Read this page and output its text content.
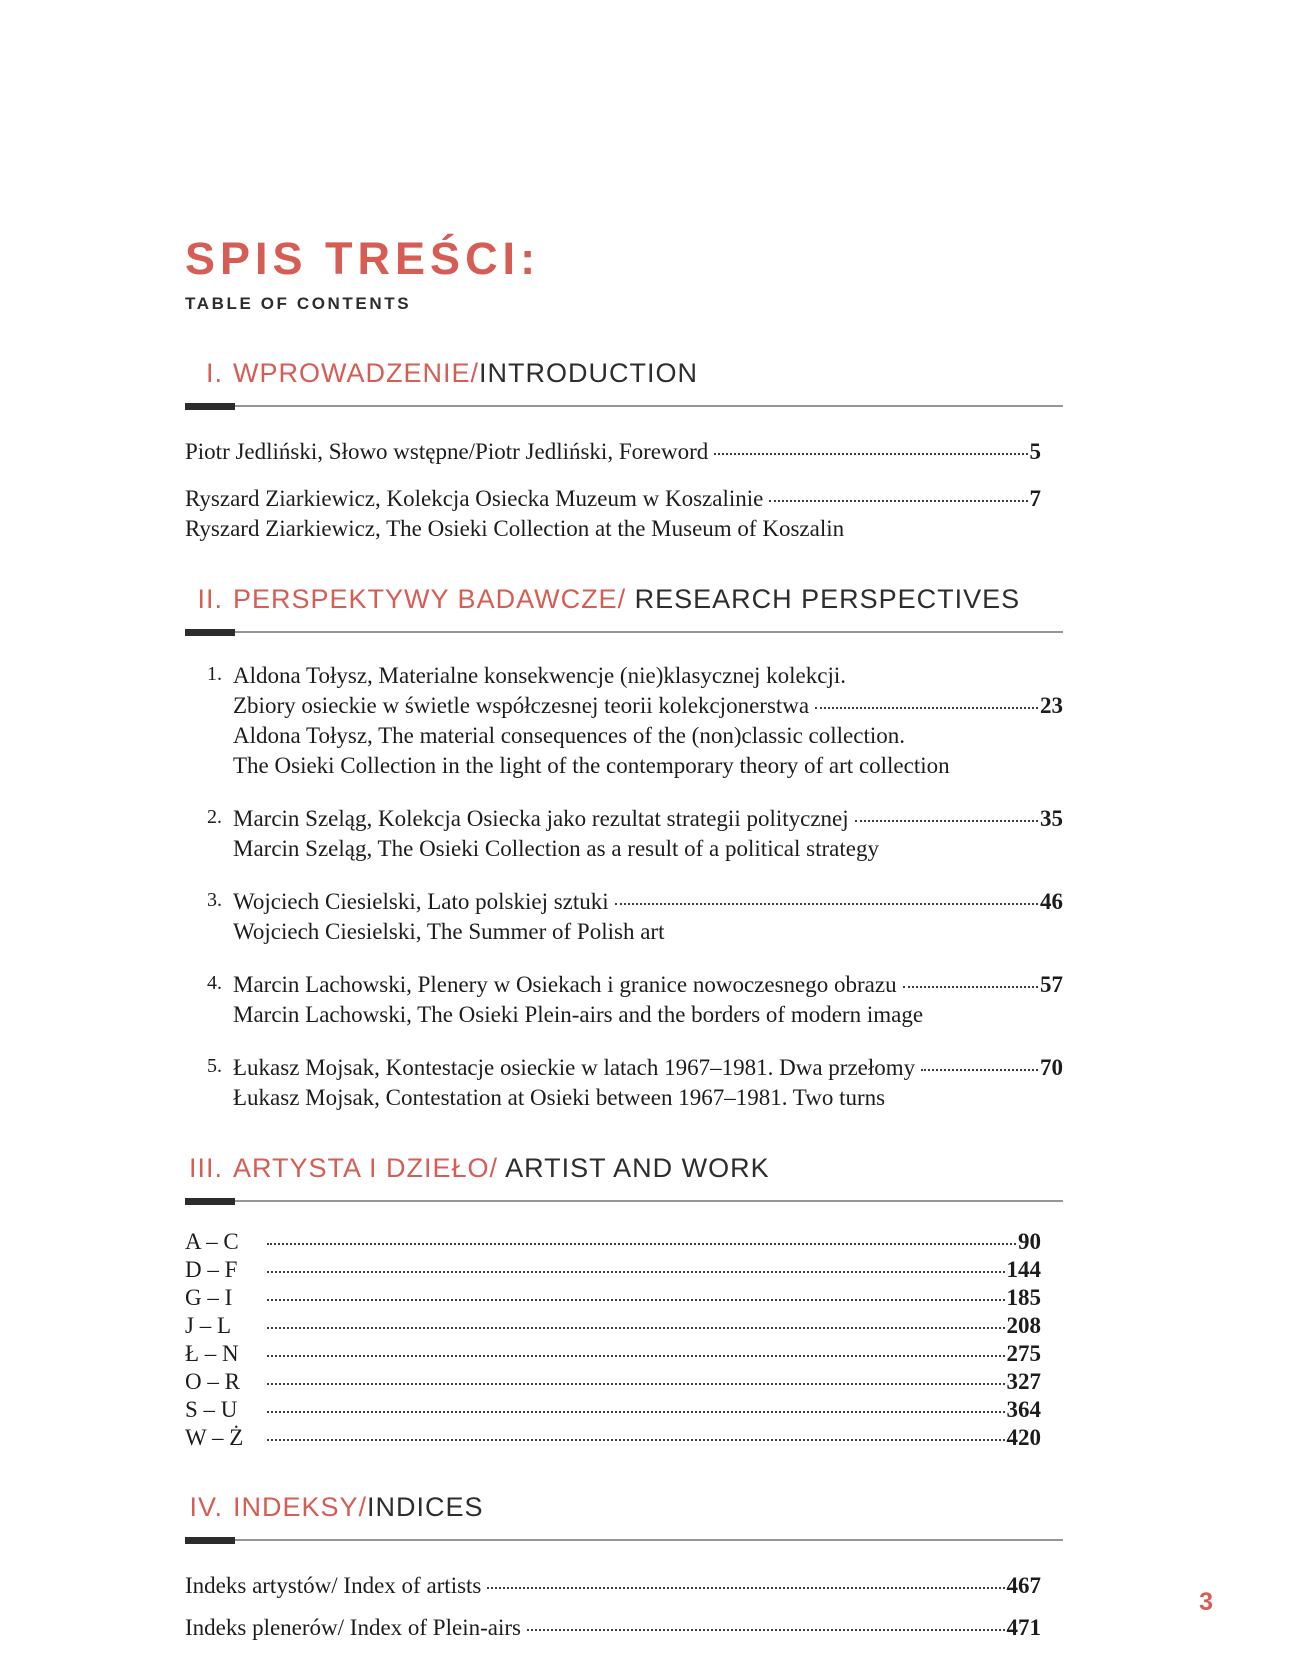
SPIS TREŚCI:
TABLE OF CONTENTS
I. WPROWADZENIE/INTRODUCTION
Piotr Jedliński, Słowo wstępne/Piotr Jedliński, Foreword	5
Ryszard Ziarkiewicz, Kolekcja Osiecka Muzeum w Koszalinie	7
Ryszard Ziarkiewicz, The Osieki Collection at the Museum of Koszalin
II. PERSPEKTYWY BADAWCZE/ RESEARCH PERSPECTIVES
1. Aldona Tołysz, Materialne konsekwencje (nie)klasycznej kolekcji.
Zbiory osieckie w świetle współczesnej teorii kolekcjonerstwa	23
Aldona Tołysz, The material consequences of the (non)classic collection.
The Osieki Collection in the light of the contemporary theory of art collection
2. Marcin Szeląg, Kolekcja Osiecka jako rezultat strategii politycznej	35
Marcin Szeląg, The Osieki Collection as a result of a political strategy
3. Wojciech Ciesielski, Lato polskiej sztuki	46
Wojciech Ciesielski, The Summer of Polish art
4. Marcin Lachowski, Plenery w Osiekach i granice nowoczesnego obrazu	57
Marcin Lachowski, The Osieki Plein-airs and the borders of modern image
5. Łukasz Mojsak, Kontestacje osieckie w latach 1967–1981. Dwa przełomy	70
Łukasz Mojsak, Contestation at Osieki between 1967–1981. Two turns
III. ARTYSTA I DZIEŁO/ ARTIST AND WORK
A – C	90
D – F	144
G – I	185
J – L	208
Ł – N	275
O – R	327
S – U	364
W – Ż	420
IV. INDEKSY/INDICES
Indeks artystów/ Index of artists	467
Indeks plenerów/ Index of Plein-airs	471
3
